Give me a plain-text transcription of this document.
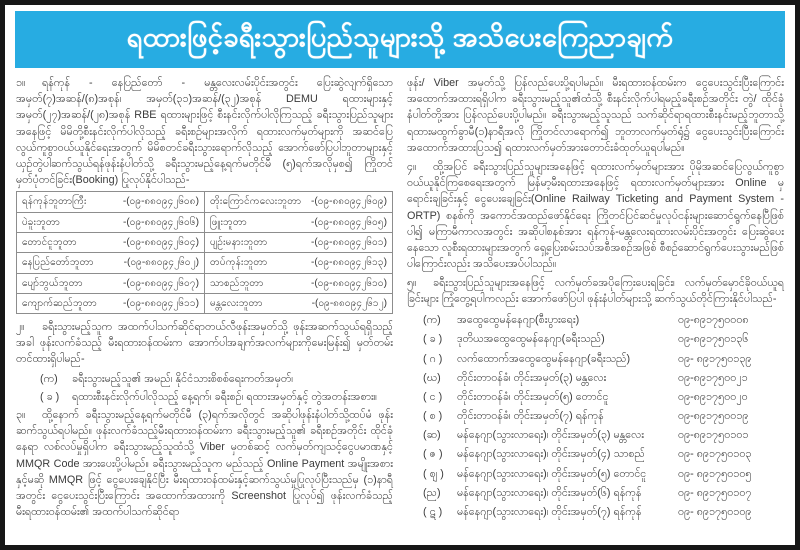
ရထားဖြင့်ခရီးသွားပြည်သူများသို့ အသိပေးကြေညာချက်

၁။ ရန်ကုန် - နေပြည်တော် - မန္တလေးလမ်းပိုင်းအတွင်း ပြေးဆွဲလျက်ရှိသော အမှတ်(၇)အဆန်/(၈)အစုန်၊ အမှတ်(၃၁)အဆန်/(၃၂)အစုန် DEMU ရထားများနှင့် အမှတ်(၂၇)အဆန်/(၂၈)အစုန် RBE ရထားများဖြင့် စီးနင်းလိုက်ပါလိုကြသည့် ခရီးသွားပြည်သူများအနေဖြင့် မိမိတို့စီးနင်းလိုက်ပါလိုသည့် ခရီးစဉ်များအလိုက် ရထားလက်မှတ်များကို အဆင်ပြေလွယ်ကူစွာဝယ်ယူနိုင်ရေးအတွက် မိမိစတင်ခရီးသွားရောက်လိုသည့် အောက်ဖော်ပြပါဘူတာများနှင့် ယှဉ်တွဲပါဆက်သွယ်ရန်ဖုန်းနံပါတ်သို့ ခရီးသွားမည့်နေ့ရက်မတိုင်မီ (၅)ရက်အလိုမှစ၍ ကြိုတင်မှတ်ပုံတင်ခြင်း(Booking) ပြုလုပ်နိုင်ပါသည်-

ရန်ကုန်ဘူတာကြီး -(၀၉-၈၈၀၉၄၂၆၀၈)	တိုးကြောင်ကလေးဘူတာ -(၀၉-၈၈၀၉၄၂၆၀၉)

ပဲခူးဘူတာ -(၀၉-၈၈၀၉၄၂၆၀၆)	ဖြူးဘူတာ -(၀၉-၈၈၀၉၄၂၆၀၅)

တောင်ငူဘူတာ -(၀၉-၈၈၀၉၄၂၆၀၄)	ပျဉ်းမနားဘူတာ -(၀၉-၈၈၀၉၄၂၆၀၁)

နေပြည်တော်ဘူတာ -(၀၉-၈၈၀၉၄၂၆၀၂)	တပ်ကုန်းဘူတာ -(၀၉-၈၈၀၉၄၂၆၁၃)

ပျော်ဘွယ်ဘူတာ -(၀၉-၈၈၀၉၄၂၆၀၇)	သာစည်ဘူတာ -(၀၉-၈၈၀၉၄၂၆၁၀)

ကျောက်ဆည်ဘူတာ -(၀၉-၈၈၀၉၄၂၆၁၁)	မန္တလေးဘူတာ -(၀၉-၈၈၀၉၄၂၆၁၂)

၂။ ခရီးသွားမည့်သူက အထက်ပါသက်ဆိုင်ရာတယ်လီဖုန်းအမှတ်သို့ ဖုန်းအဆက်သွယ်ရရှိသည့်အခါ ဖုန်းလက်ခံသည့် မီးရထားဝန်ထမ်းက အောက်ပါအချက်အလက်များကိုမေးမြန်း၍ မှတ်တမ်းတင်ထားရှိပါမည်-

(က)	ခရီးသွားမည့်သူ၏ အမည်၊ နိုင်ငံသားစိစစ်ရေးကတ်အမှတ်၊
( ခ )	ရထားစီးနင်းလိုက်ပါလိုသည့် နေ့ရက်၊ ခရီးစဉ်၊ ရထားအမှတ်နှင့် တွဲအတန်းအစား။

၃။ ထို့နောက် ခရီးသွားမည့်နေ့ရက်မတိုင်မီ (၃)ရက်အလိုတွင် အဆိုပါဖုန်းနံပါတ်သို့ထပ်မံ ဖုန်းဆက်သွယ်ရပါမည်။ ဖုန်းလက်ခံသည့်မီးရထားဝန်ထမ်းက ခရီးသွားမည့်သူ၏ ခရီးစဉ်အတိုင်း ထိုင်ခုံနေရာ လစ်လပ်မှုရှိပါက ခရီးသွားမည့်သူထံသို့ Viber မှတစ်ဆင့် လက်မှတ်ကျသင့်ငွေပမာဏနှင့် MMQR Code အားပေးပို့ပါမည်။ ခရီးသွားမည့်သူက မည်သည့် Online Payment အမျိုးအစားနှင့်မဆို MMQR ဖြင့် ငွေပေးချေနိုင်ပြီး မီးရထားဝန်ထမ်းနှင့်ဆက်သွယ်မှုပြုလုပ်ပြီးသည်မှ (၁)နာရီအတွင်း ငွေပေးသွင်းပြီးကြောင်း အထောက်အထားကို Screenshot ပြုလုပ်၍ ဖုန်းလက်ခံသည့်မီးရထားဝန်ထမ်း၏ အထက်ပါသက်ဆိုင်ရာ

ဖုန်း/ Viber အမှတ်သို့ ပြန်လည်ပေးပို့ရပါမည်။ မီးရထားဝန်ထမ်းက ငွေပေးသွင်းပြီးကြောင်း အထောက်အထားရရှိပါက ခရီးသွားမည့်သူ၏ထံသို့ စီးနင်းလိုက်ပါရမည့်ခရီးစဉ်အတိုင်း တွဲ/ ထိုင်ခုံနံပါတ်တို့အား ပြန်လည်ပေးပို့ပါမည်။ ခရီးသွားမည့်သူသည် သက်ဆိုင်ရာရထားစီးနင်းမည့်ဘူတာသို့ ရထားမထွက်ခွာမီ(၁)နာရီအလို ကြိုတင်လာရောက်၍ ဘူတာလက်မှတ်ရုံ၌ ငွေပေးသွင်းပြီးကြောင်း အထောက်အထားပြသ၍ ရထားလက်မှတ်အားတောင်းခံထုတ်ယူရပါမည်။

၄။ ထို့အပြင် ခရီးသွားပြည်သူများအနေဖြင့် ရထားလက်မှတ်များအား ပိုမိုအဆင်ပြေလွယ်ကူစွာဝယ်ယူနိုင်ကြစေရေးအတွက် မြန်မာ့မီးရထားအနေဖြင့် ရထားလက်မှတ်များအား Online မှ ရောင်းချခြင်းနှင့် ငွေပေးချေခြင်း(Online Railway Ticketing and Payment System - ORTP) စနစ်ကို အကောင်အထည်ဖော်နိုင်ရေး ကြိုတင်ပြင်ဆင်မှုလုပ်ငန်းများဆောင်ရွက်နေပြီဖြစ်ပါ၍ မကြာမီကာလအတွင်း အဆိုပါစနစ်အား ရန်ကုန်-မန္တလေးရထားလမ်းပိုင်းအတွင်း ပြေးဆွဲပေးနေသော လူစီးရထားများအတွက် ရှေ့ပြေးစမ်းသပ်အစီအစဉ်အဖြစ် စီစဉ်ဆောင်ရွက်ပေးသွားမည်ဖြစ်ပါကြောင်းလည်း အသိပေးအပ်ပါသည်။

၅။ ခရီးသွားပြည်သူများအနေဖြင့် လက်မှတ်ခအပိုကြေးပေးရခြင်း၊ လက်မှတ်မှောင်ခိုဝယ်ယူရခြင်းများ ကြုံတွေ့ရပါကလည်း အောက်ဖော်ပြပါ ဖုန်းနံပါတ်များသို့ ဆက်သွယ်တိုင်ကြားနိုင်ပါသည်-

(က)	အထွေထွေမန်နေဂျာ(စီးပွားရေး)	၀၉-၈၉၁၇၅၀၀၀၈
( ခ )	ဒုတိယအထွေထွေမန်နေဂျာ(ခရီးသည်)	၀၉-၈၉၁၇၅၀၁၃၆
( ဂ )	လက်ထောက်အထွေထွေမန်နေဂျာ(ခရီးသည်)	၀၉- ၈၉၁၇၅၀၁၃၉
(ဃ)	တိုင်းတာဝန်ခံ၊ တိုင်းအမှတ်(၃) မန္တလေး	၀၉-၈၉၁၇၅၀၀၂၁
( င )	တိုင်းတာဝန်ခံ၊ တိုင်းအမှတ်(၅) တောင်ငူ	၀၉-၈၉၁၇၅၀၀၂၀
( စ )	တိုင်းတာဝန်ခံ၊ တိုင်းအမှတ်(၇) ရန်ကုန်	၀၉-၈၉၁၇၅၀၀၁၉
(ဆ)	မန်နေဂျာ(သွားလာရေး)၊ တိုင်းအမှတ်(၃) မန္တလေး	၀၉-၈၉၁၇၅၀၁၀၁
( ဇ )	မန်နေဂျာ(သွားလာရေး)၊ တိုင်းအမှတ်(၄) သာစည်	၀၉- ၈၉၁၇၅၀၁၀၃
( ဈ )	မန်နေဂျာ(သွားလာရေး)၊ တိုင်းအမှတ်(၅) တောင်ငူ	၀၉- ၈၉၁၇၅၀၁၀၅
(ည)	မန်နေဂျာ(သွားလာရေး)၊ တိုင်းအမှတ်(၆) ရန်ကုန်	၀၉- ၈၉၁၇၅၀၁၀၇
( ဋ )	မန်နေဂျာ(သွားလာရေး)၊ တိုင်းအမှတ်(၇) ရန်ကုန်	၀၉- ၈၉၁၇၅၀၁၀၉
